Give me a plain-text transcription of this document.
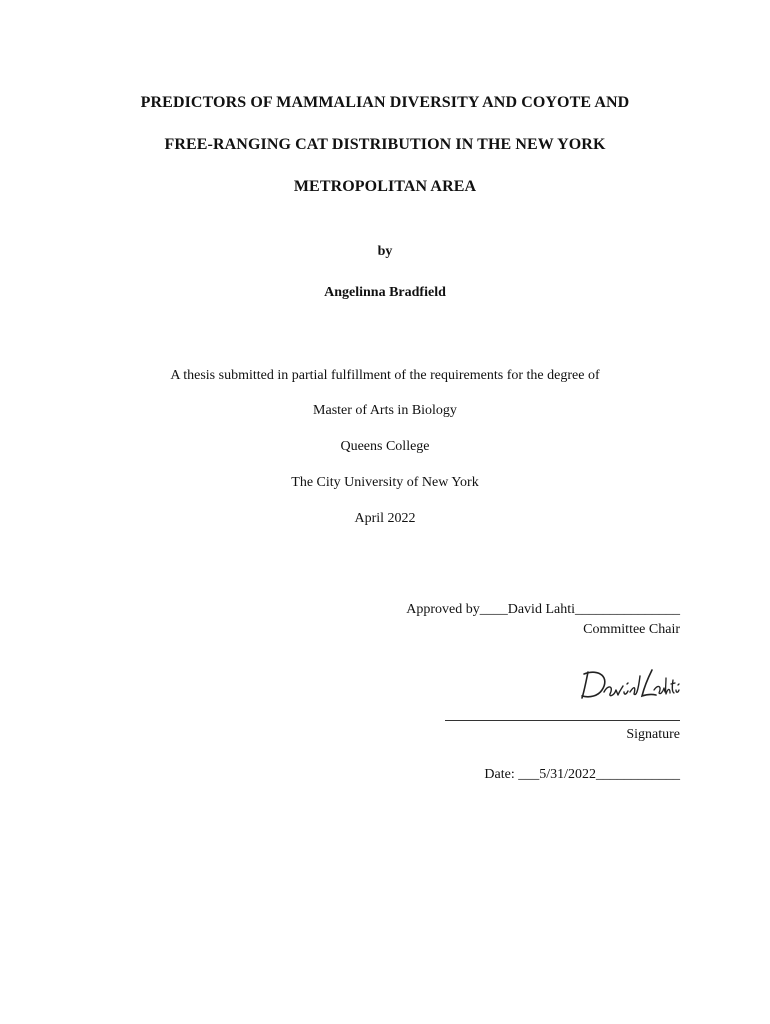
PREDICTORS OF MAMMALIAN DIVERSITY AND COYOTE AND
FREE-RANGING CAT DISTRIBUTION IN THE NEW YORK
METROPOLITAN AREA
by
Angelinna Bradfield
A thesis submitted in partial fulfillment of the requirements for the degree of
Master of Arts in Biology
Queens College
The City University of New York
April 2022
Approved by____David Lahti_______________
Committee Chair
Signature
Date: ___5/31/2022____________
